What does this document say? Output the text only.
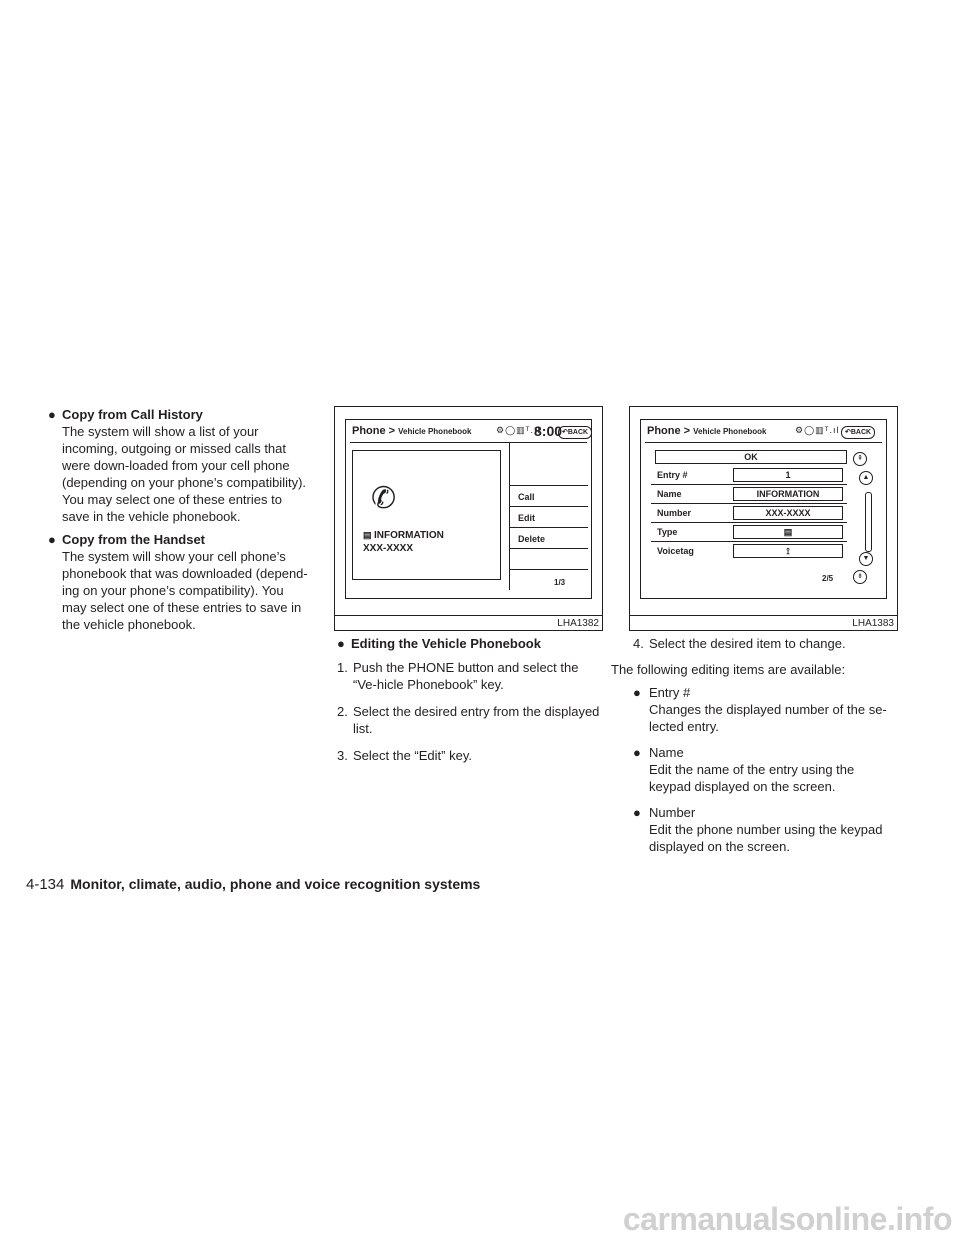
● Copy from Call History
The system will show a list of your incoming, outgoing or missed calls that were down-loaded from your cell phone (depending on your phone’s compatibility). You may select one of these entries to save in the vehicle phonebook.
● Copy from the Handset
The system will show your cell phone’s phonebook that was downloaded (depend-ing on your phone’s compatibility). You may select one of these entries to save in the vehicle phonebook.
Phone > Vehicle Phonebook	⚙◯▥ᵀ.ıl
8:00 ↶BACK
✆
▤ INFORMATION
XXX-XXXX
Call
Edit
Delete
1/3
LHA1382
Phone > Vehicle Phonebook	⚙◯▥ᵀ.ıl ↶BACK
OK
Entry #	1
Name	INFORMATION
Number	XXX-XXXX
Type	▤
Voicetag	⟟
⇞
▲
▼
⇟
2/5
LHA1383
● Editing the Vehicle Phonebook
1. Push the PHONE button and select the “Ve-hicle Phonebook” key.
2. Select the desired entry from the displayed list.
3. Select the “Edit” key.
4. Select the desired item to change.
The following editing items are available:
● Entry #
Changes the displayed number of the se-lected entry.
● Name
Edit the name of the entry using the keypad displayed on the screen.
● Number
Edit the phone number using the keypad displayed on the screen.
4-134 Monitor, climate, audio, phone and voice recognition systems
carmanualsonline.info
